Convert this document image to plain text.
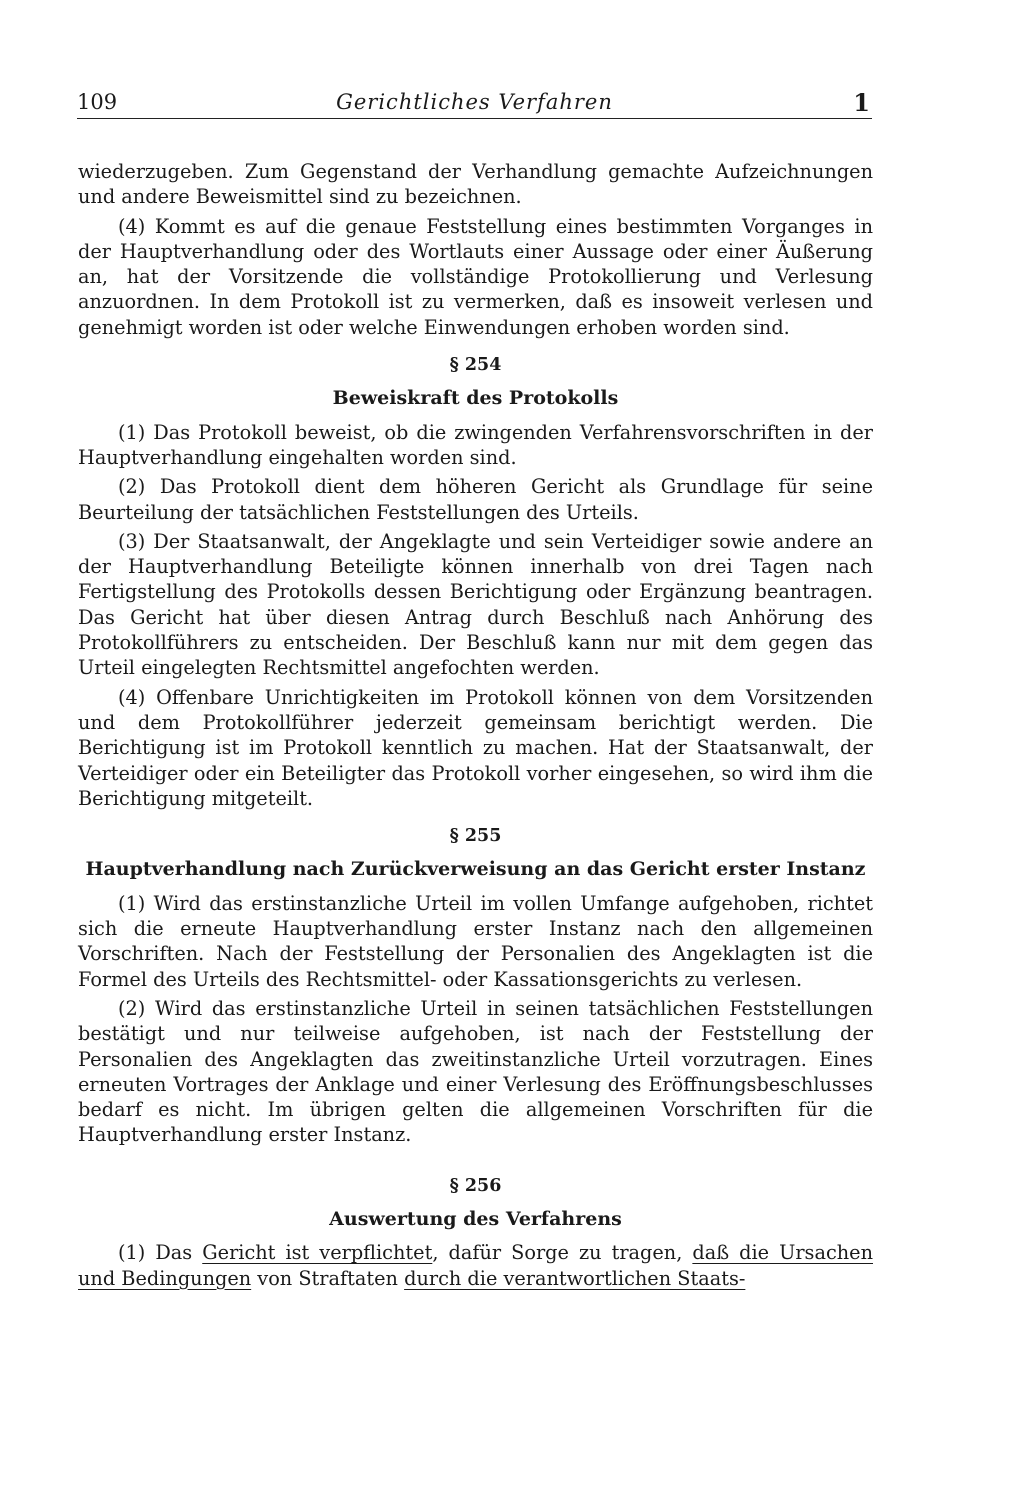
109	Gerichtliches Verfahren	1

wiederzugeben. Zum Gegenstand der Verhandlung gemachte Aufzeichnungen und andere Beweismittel sind zu bezeichnen.

(4) Kommt es auf die genaue Feststellung eines bestimmten Vorganges in der Hauptverhandlung oder des Wortlauts einer Aussage oder einer Äußerung an, hat der Vorsitzende die vollständige Protokollierung und Verlesung anzuordnen. In dem Protokoll ist zu vermerken, daß es insoweit verlesen und genehmigt worden ist oder welche Einwendungen erhoben worden sind.

§ 254
Beweiskraft des Protokolls

(1) Das Protokoll beweist, ob die zwingenden Verfahrensvorschriften in der Hauptverhandlung eingehalten worden sind.

(2) Das Protokoll dient dem höheren Gericht als Grundlage für seine Beurteilung der tatsächlichen Feststellungen des Urteils.

(3) Der Staatsanwalt, der Angeklagte und sein Verteidiger sowie andere an der Hauptverhandlung Beteiligte können innerhalb von drei Tagen nach Fertigstellung des Protokolls dessen Berichtigung oder Ergänzung beantragen. Das Gericht hat über diesen Antrag durch Beschluß nach Anhörung des Protokollführers zu entscheiden. Der Beschluß kann nur mit dem gegen das Urteil eingelegten Rechtsmittel angefochten werden.

(4) Offenbare Unrichtigkeiten im Protokoll können von dem Vorsitzenden und dem Protokollführer jederzeit gemeinsam berichtigt werden. Die Berichtigung ist im Protokoll kenntlich zu machen. Hat der Staatsanwalt, der Verteidiger oder ein Beteiligter das Protokoll vorher eingesehen, so wird ihm die Berichtigung mitgeteilt.

§ 255
Hauptverhandlung nach Zurückverweisung an das Gericht erster Instanz

(1) Wird das erstinstanzliche Urteil im vollen Umfange aufgehoben, richtet sich die erneute Hauptverhandlung erster Instanz nach den allgemeinen Vorschriften. Nach der Feststellung der Personalien des Angeklagten ist die Formel des Urteils des Rechtsmittel- oder Kassationsgerichts zu verlesen.

(2) Wird das erstinstanzliche Urteil in seinen tatsächlichen Feststellungen bestätigt und nur teilweise aufgehoben, ist nach der Feststellung der Personalien des Angeklagten das zweitinstanzliche Urteil vorzutragen. Eines erneuten Vortrages der Anklage und einer Verlesung des Eröffnungsbeschlusses bedarf es nicht. Im übrigen gelten die allgemeinen Vorschriften für die Hauptverhandlung erster Instanz.

§ 256
Auswertung des Verfahrens

(1) Das Gericht ist verpflichtet, dafür Sorge zu tragen, daß die Ursachen und Bedingungen von Straftaten durch die verantwortlichen Staats-
